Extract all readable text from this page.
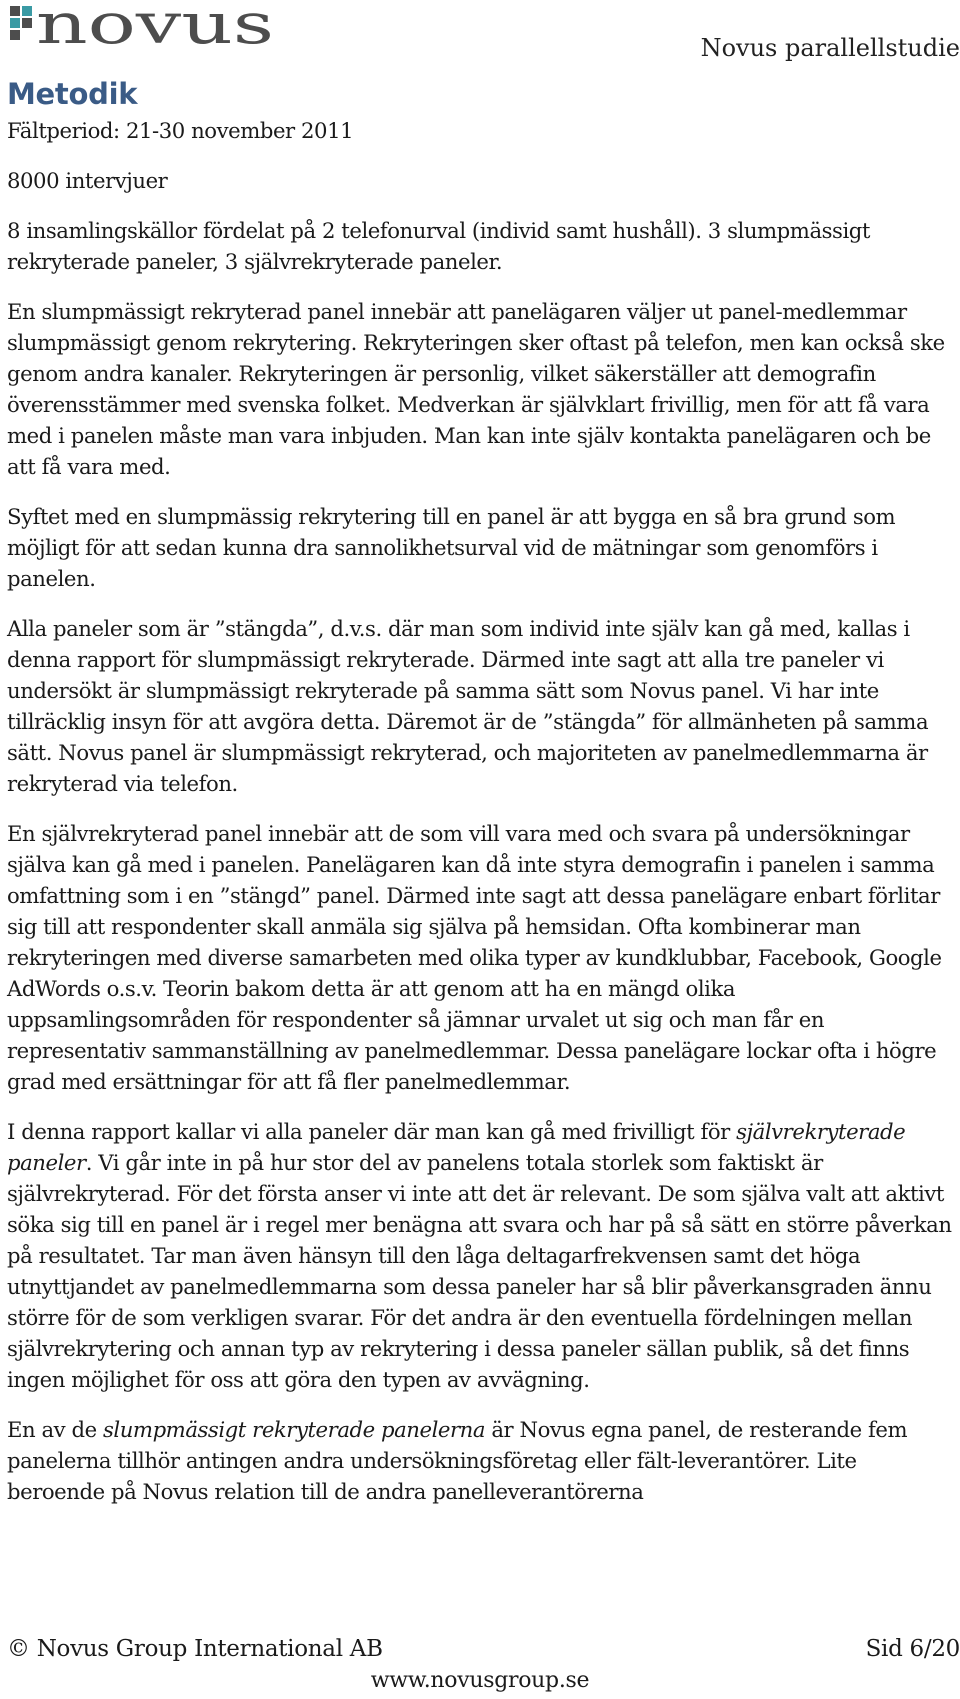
novus	Novus parallellstudie
Metodik

Fältperiod: 21-30 november 2011

8000 intervjuer

8 insamlingskällor fördelat på 2 telefonurval (individ samt hushåll). 3 slumpmässigt rekryterade paneler, 3 självrekryterade paneler.

En slumpmässigt rekryterad panel innebär att panelägaren väljer ut panel-medlemmar slumpmässigt genom rekrytering. Rekryteringen sker oftast på telefon, men kan också ske genom andra kanaler. Rekryteringen är personlig, vilket säkerställer att demografin överensstämmer med svenska folket. Medverkan är självklart frivillig, men för att få vara med i panelen måste man vara inbjuden. Man kan inte själv kontakta panelägaren och be att få vara med.

Syftet med en slumpmässig rekrytering till en panel är att bygga en så bra grund som möjligt för att sedan kunna dra sannolikhetsurval vid de mätningar som genomförs i panelen.

Alla paneler som är ”stängda”, d.v.s. där man som individ inte själv kan gå med, kallas i denna rapport för slumpmässigt rekryterade. Därmed inte sagt att alla tre paneler vi undersökt är slumpmässigt rekryterade på samma sätt som Novus panel. Vi har inte tillräcklig insyn för att avgöra detta. Däremot är de ”stängda” för allmänheten på samma sätt. Novus panel är slumpmässigt rekryterad, och majoriteten av panelmedlemmarna är rekryterad via telefon.

En självrekryterad panel innebär att de som vill vara med och svara på undersökningar själva kan gå med i panelen. Panelägaren kan då inte styra demografin i panelen i samma omfattning som i en ”stängd” panel. Därmed inte sagt att dessa panelägare enbart förlitar sig till att respondenter skall anmäla sig själva på hemsidan. Ofta kombinerar man rekryteringen med diverse samarbeten med olika typer av kundklubbar, Facebook, Google AdWords o.s.v. Teorin bakom detta är att genom att ha en mängd olika uppsamlingsområden för respondenter så jämnar urvalet ut sig och man får en representativ sammanställning av panelmedlemmar. Dessa panelägare lockar ofta i högre grad med ersättningar för att få fler panelmedlemmar.

I denna rapport kallar vi alla paneler där man kan gå med frivilligt för självrekryterade paneler. Vi går inte in på hur stor del av panelens totala storlek som faktiskt är självrekryterad. För det första anser vi inte att det är relevant. De som själva valt att aktivt söka sig till en panel är i regel mer benägna att svara och har på så sätt en större påverkan på resultatet. Tar man även hänsyn till den låga deltagarfrekvensen samt det höga utnyttjandet av panelmedlemmarna som dessa paneler har så blir påverkansgraden ännu större för de som verkligen svarar. För det andra är den eventuella fördelningen mellan självrekrytering och annan typ av rekrytering i dessa paneler sällan publik, så det finns ingen möjlighet för oss att göra den typen av avvägning.

En av de slumpmässigt rekryterade panelerna är Novus egna panel, de resterande fem panelerna tillhör antingen andra undersökningsföretag eller fält-leverantörer. Lite beroende på Novus relation till de andra panelleverantörerna

© Novus Group International AB	Sid 6/20
www.novusgroup.se
